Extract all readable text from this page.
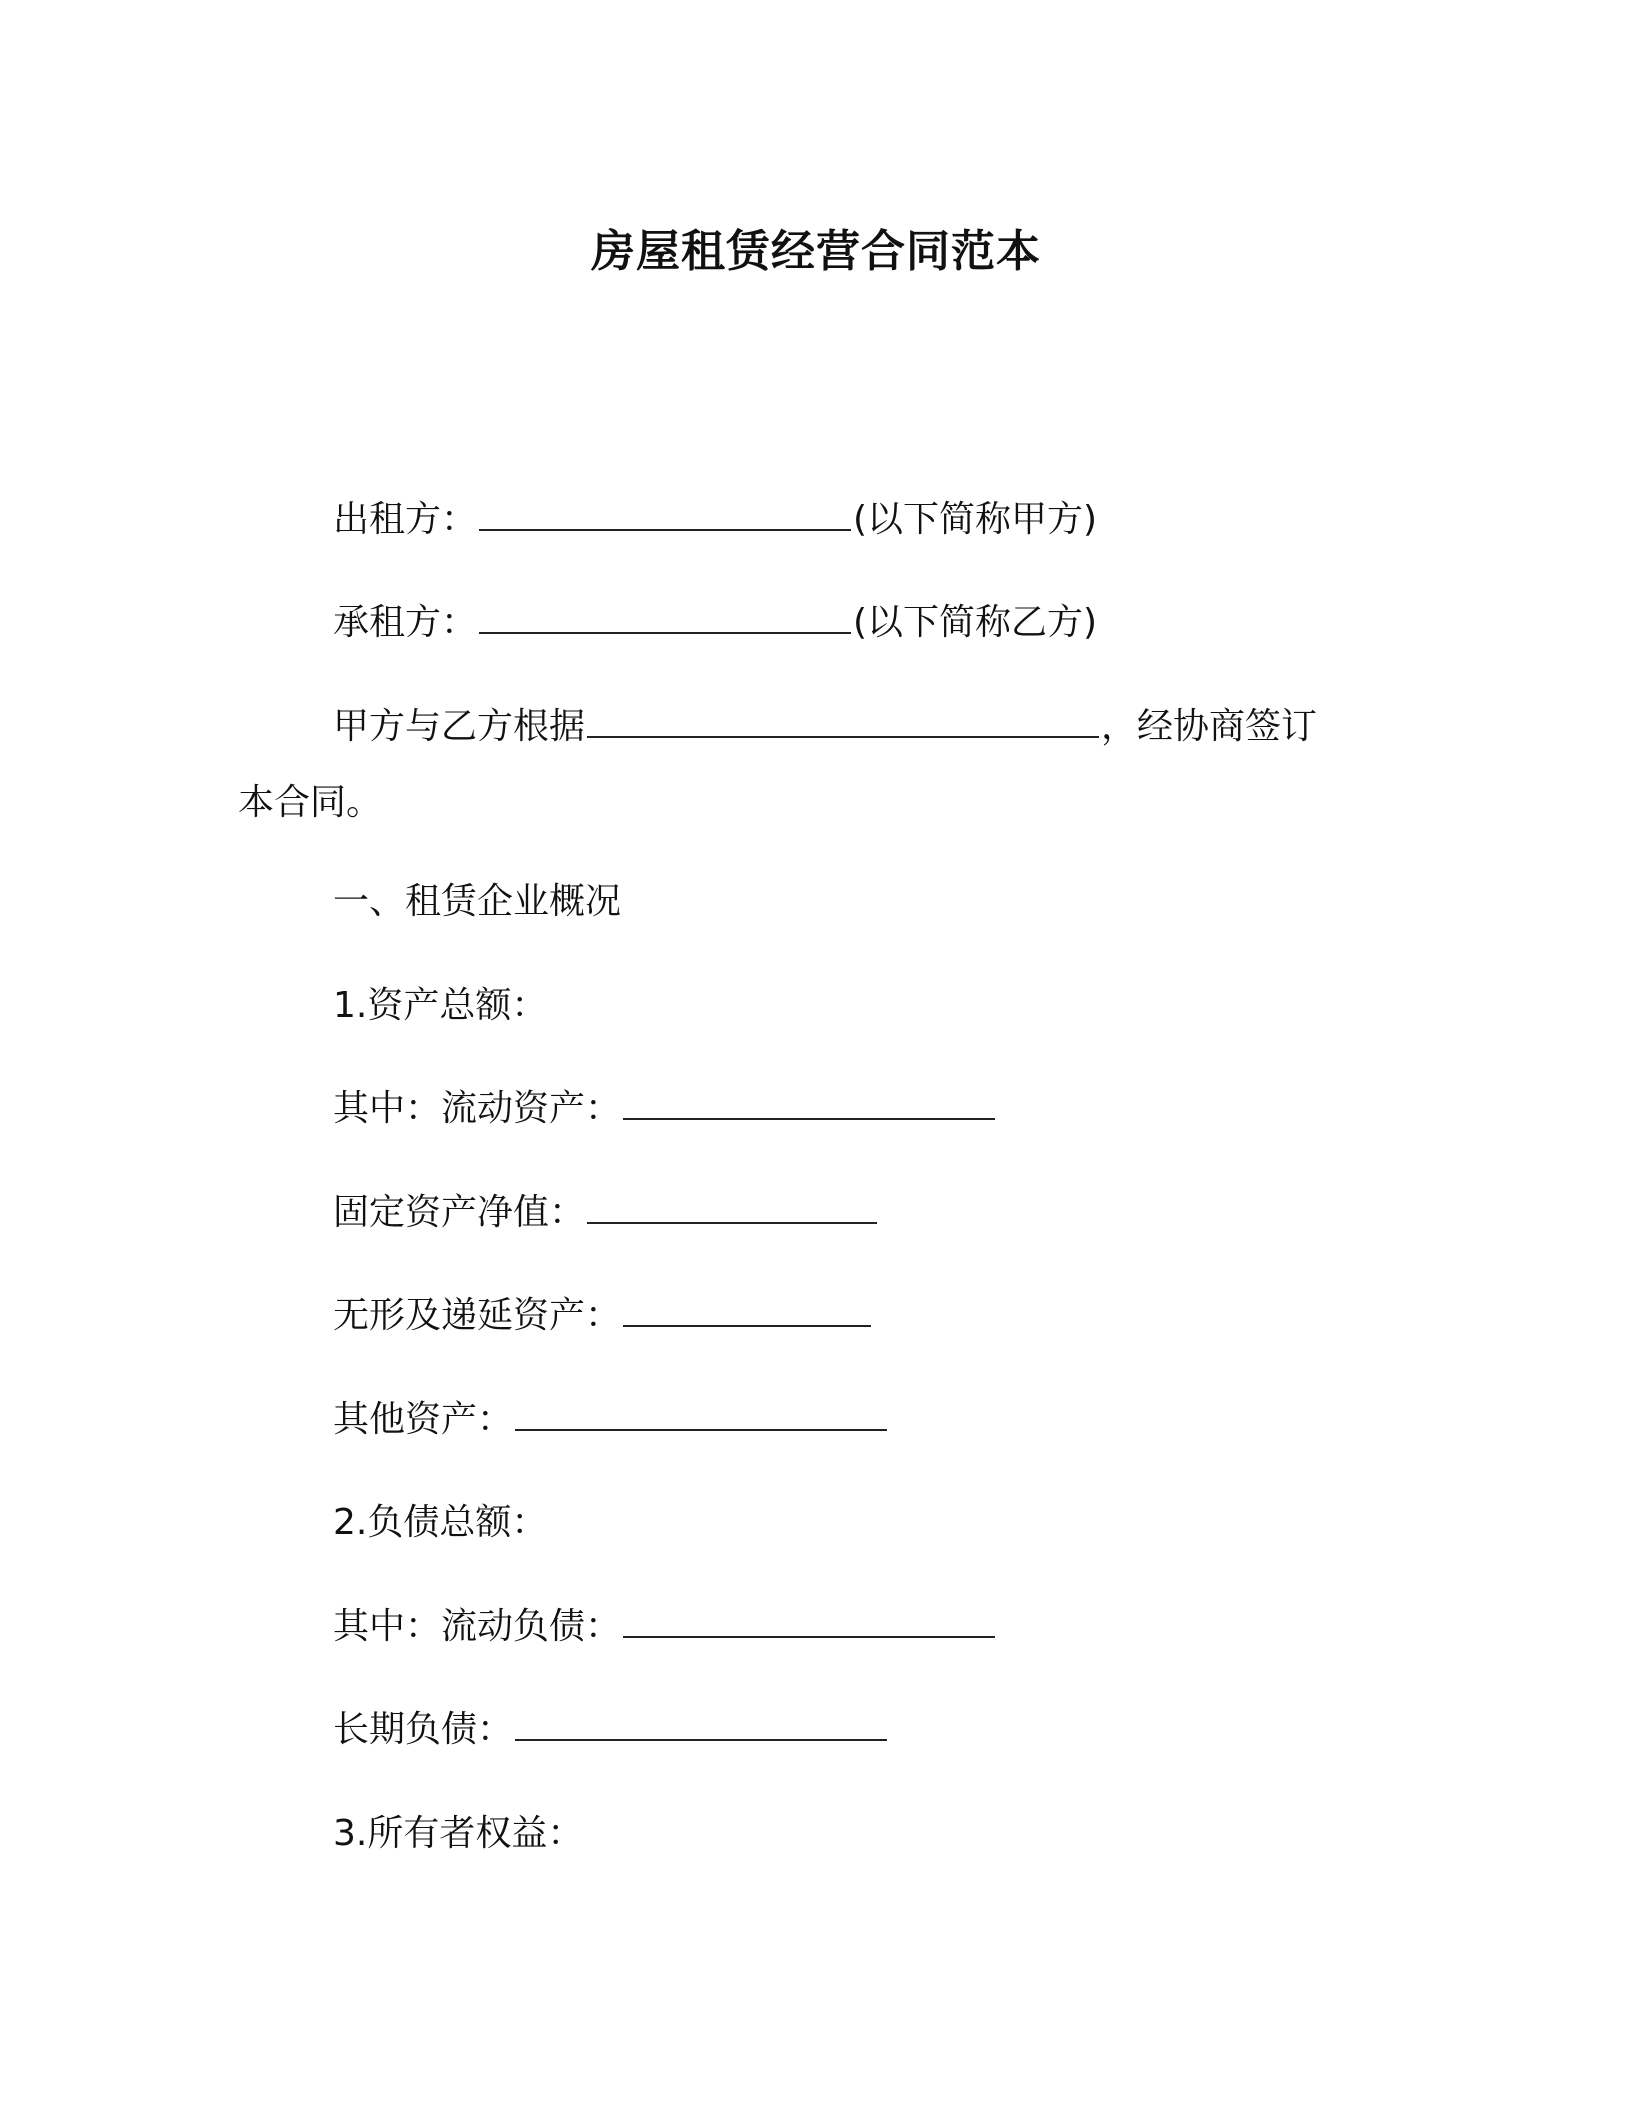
房屋租赁经营合同范本
出租方：	(以下简称甲方)
承租方：	(以下简称乙方)
甲方与乙方根据	，经协商签订
本合同。
一、租赁企业概况
1.资产总额：
其中：流动资产：
固定资产净值：
无形及递延资产：
其他资产：
2.负债总额：
其中：流动负债：
长期负债：
3.所有者权益：
